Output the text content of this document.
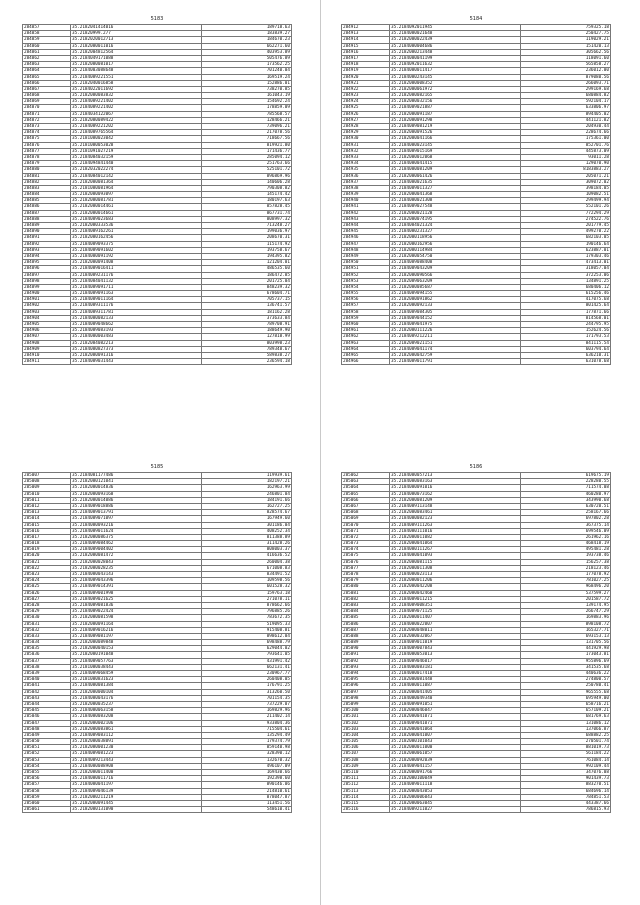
5183
284857	35.2182041414016	189718.63
284858	35.21820999.277	183839.27
284859	35.2182020012713	184670.23
284860	35.2182080011016	662271.60
284861	35.2182004812564	403953.89
284862	35.2184049171088	505476.89
284863	35.2182080081017	173562.25
284864	35.2184003088648	701240.04
284865	35.2184089221551	169519.24
284866	35.2182040016858	152886.01
284867	35.2184022011692	738270.85
284868	35.2182080083832	161043.19
284869	35.2184089221402	154692.24
284870	35.2184089221402	178859.09
284871	35.2184034122067	785568.57
284872	35.2182080089422	128466.21
284873	35.2184089221202	739096.21
284874	35.2184089765564	217078.56
284875	35.2181080023042	718667.56
284876	35.2181080053028	819921.80
284877	35.2181091027219	171436.77
284878	35.2184084032159	285094.12
284879	35.2184094841440	251763.66
284880	35.2182032022274	525101.72
284881	35.2184084012142	896869.96
284882	35.2182080081364	140606.28
284883	35.2181080081964	790308.82
284884	35.2182080093097	145174.42
284885	35.2182080081781	180197.63
284886	35.2182080014461	857828.45
284887	35.2182080014661	867731.74
284888	35.2184089023683	808997.32
284889	35.2182080333536	713248.27
284890	35.2184089162261	199036.97
284891	35.2182080162456	208670.31
284892	35.2184089093375	115174.92
284893	35.2184089091602	193758.67
284894	35.2184080091192	194395.82
284895	35.2182080091408	121204.01
284896	35.2184089016411	486535.60
284897	35.2184089231176	186472.85
284898	35.2184084041132	201725.04
284899	35.2184089091711	848239.32
284900	35.2184089091163	678604.71
284901	35.2184089011164	705737.15
284902	35.2184089311176	136741.57
284903	35.2184089311781	181162.28
284904	35.2184080082133	373633.84
284905	35.2184089048662	789708.91
284906	35.2184089083193	188649.90
284907	35.2184080003483	127818.99
284908	35.2182084082213	803998.23
284909	35.2184080827373	789348.67
284910	35.2182080091316	589838.27
284911	35.2184089031443	236594.18
5184
284912	35.2184092011945	759325.18
284913	35.2184080021648	250427.75
284914	35.2182080022439	119029.21
284915	35.2184080004686	151420.13
284916	35.2182080213448	305662.56
284917	35.2184080041199	118091.60
284918	35.2184092011632	565858.27
284919	35.2184080011417	236012.00
284920	35.2184080243145	879080.56
284921	35.2182080008352	266093.71
284922	35.2182080061972	299169.68
284923	35.2182080082165	680884.82
284924	35.2182080032156	592104.17
284925	35.2184089021887	633806.97
284926	35.2182080091187	894405.02
284927	35.2182080091298	441121.82
284928	35.2184089081219	204930.44
284929	35.2182080091526	228674.66
284930	35.2182080041166	175361.00
284931	35.2184080023145	852701.76
284932	35.2184089015169	445873.09
284933	35.2182080012068	93011.28
284934	35.2184080041415	129070.90
284935	35.2184080081209	8183883.27
284936	35.2182080061426	205071.21
284937	35.2184080021635	309072.02
284938	35.2184089011327	398184.05
284939	35.2182080041368	109082.51
284940	35.2184080021308	299499.94
284941	35.2184089027548	552101.26
284942	35.2182080021128	772294.29
284943	35.2182080074195	274522.76
284944	35.2184084021324	201779.45
284945	35.2184080231327	499270.22
284946	35.2182080118956	682103.05
284947	35.2182080162956	190146.64
284948	35.2182080114984	623887.01
284949	35.2182080054750	179303.46
284950	35.2184089088408	473413.01
284951	35.2184089043209	318057.04
284952	35.2182080090566	372253.06
284953	35.2182089063209	134891.25
284954	35.2182080085687	680406.12
284955	35.2184089094155	615256.46
284956	35.2182080091862	417075.68
284957	35.2182080092133	801425.64
284958	35.2184089084305	177871.66
284959	35.2184089044152	814568.01
284960	35.2184089041975	244795.95
284961	35.2182080111226	152624.56
284962	35.2184089212211	171793.53
284963	35.2182089021151	841115.54
284964	35.2184089041174	603794.64
284965	35.2182080042759	636210.31
284966	35.2184089011791	631078.68
5185
285007	35.2184081177486	119939.61
285008	35.2182080121041	182197.21
285009	35.2182080014836	162963.99
285010	35.2182080093168	246801.04
285011	35.2182080014086	184191.66
285012	35.2184089018886	162727.25
285013	35.2184089013791	828574.67
285014	35.2184089071097	167949.60
285015	35.2184080093216	301186.04
285016	35.2184089011624	408252.34
285017	35.2182080086375	811388.89
285018	35.2184089084462	311428.26
285019	35.2184089004402	808003.37
285020	35.2182080081472	416636.52
285021	35.2182080028043	260004.38
285022	35.2182080028235	671008.83
285023	35.2184080043143	834491.52
285024	35.2184089043396	109598.56
285025	35.2184089014391	601528.32
285026	35.2184089001998	159763.18
285027	35.2184089021625	271078.11
285028	35.2184089081836	878662.66
285029	35.2184089022424	796885.26
285030	35.2182080081598	783672.35
285031	35.2182080091164	519095.33
285032	35.2184089016216	915408.81
285033	35.2184089081197	898612.04
285034	35.2182080089848	698488.79
285035	35.2182080040153	629044.02
285036	35.2182080191048	793641.05
285037	35.2184089057763	431991.42
285038	35.2181080038443	662131.41
285039	35.2184089068459	230967.77
285040	35.2181080831623	260408.05
285041	35.2184080081384	176791.25
285042	35.2182080000104	313260.50
285043	35.2184080043176	701154.35
285044	35.2182080035237	737229.07
285045	35.2184080063158	169829.96
285046	35.2184080083208	211402.14
285047	35.2182080002106	933804.36
285048	35.2182080083861	715504.61
285049	35.2184089083112	135294.49
285050	35.2182080038091	179374.79
285051	35.2182080001230	859140.98
285052	35.2184089081223	328390.12
285053	35.2184089213443	132670.32
285054	35.2184080088908	496107.09
285055	35.2182080011400	169430.66
285056	35.2184080011716	192398.60
285057	35.2184080041197	890146.06
285058	35.2184089046139	214810.61
285059	35.2182080211219	878047.87
285060	35.2182080091445	113451.56
285061	35.2182080131090	548610.41
5186
285062	35.2184080057213	619675.19
285063	35.2184080083163	228280.55
285064	35.2184080091016	711574.08
285065	35.2184080073162	460280.97
285066	35.2182080081209	343990.68
285067	35.2184089113148	630720.51
285068	35.2182080083461	258167.66
285069	35.2184080082123	697802.28
285070	35.2184089111263	367375.14
285071	35.2184080111016	699546.09
285072	35.2182080011082	261962.16
285073	35.2182080041064	468418.19
285074	35.2184080111267	495481.28
285075	35.2184080041093	193738.46
285076	35.2182080081115	156257.38
285077	35.2182080011308	218123.46
285078	35.2184080023113	177078.92
285079	35.2182080011206	781027.25
285080	35.2182080042208	968496.20
285081	35.2182080042460	537599.27
285082	35.2184089011215	201587.72
285083	35.2184089008351	139174.95
285084	35.2184089071125	266747.29
285085	35.2182080011407	169883.96
285086	35.2184080022007	898108.72
285087	35.2182080048011	165327.71
285088	35.2182080032067	693153.13
285089	35.2184089011019	131705.56
285090	35.2184089007843	441929.98
285091	35.2184080053013	173043.81
285092	35.2184089046017	955896.69
285093	35.2184080083181	341535.68
285094	35.2184080017418	440636.22
285095	35.2182080081448	274800.57
285096	35.2184080011087	250780.41
285097	35.2182080041405	965555.68
285098	35.2184080049340	695949.00
285099	35.2184089091051	658716.21
285100	35.2182080046047	657109.21
285101	35.2182080041071	681769.63
285102	35.2184089041071	131086.12
285103	35.2182080041064	137066.87
285104	35.2182080041007	688882.25
285105	35.2182080101043	270501.74
285106	35.2182080011000	881019.73
285107	35.2182080061057	561184.22
285108	35.2182080092039	761084.14
285109	35.2184089041157	992109.44
285110	35.2182080091766	347076.08
285111	35.2182080100049	901439.73
285112	35.2184089011118	883270.51
285113	35.2182080043053	684696.14
285114	35.2182080006043	784851.53
285115	35.2182080063045	443387.66
285116	35.2184089211027	786815.93
